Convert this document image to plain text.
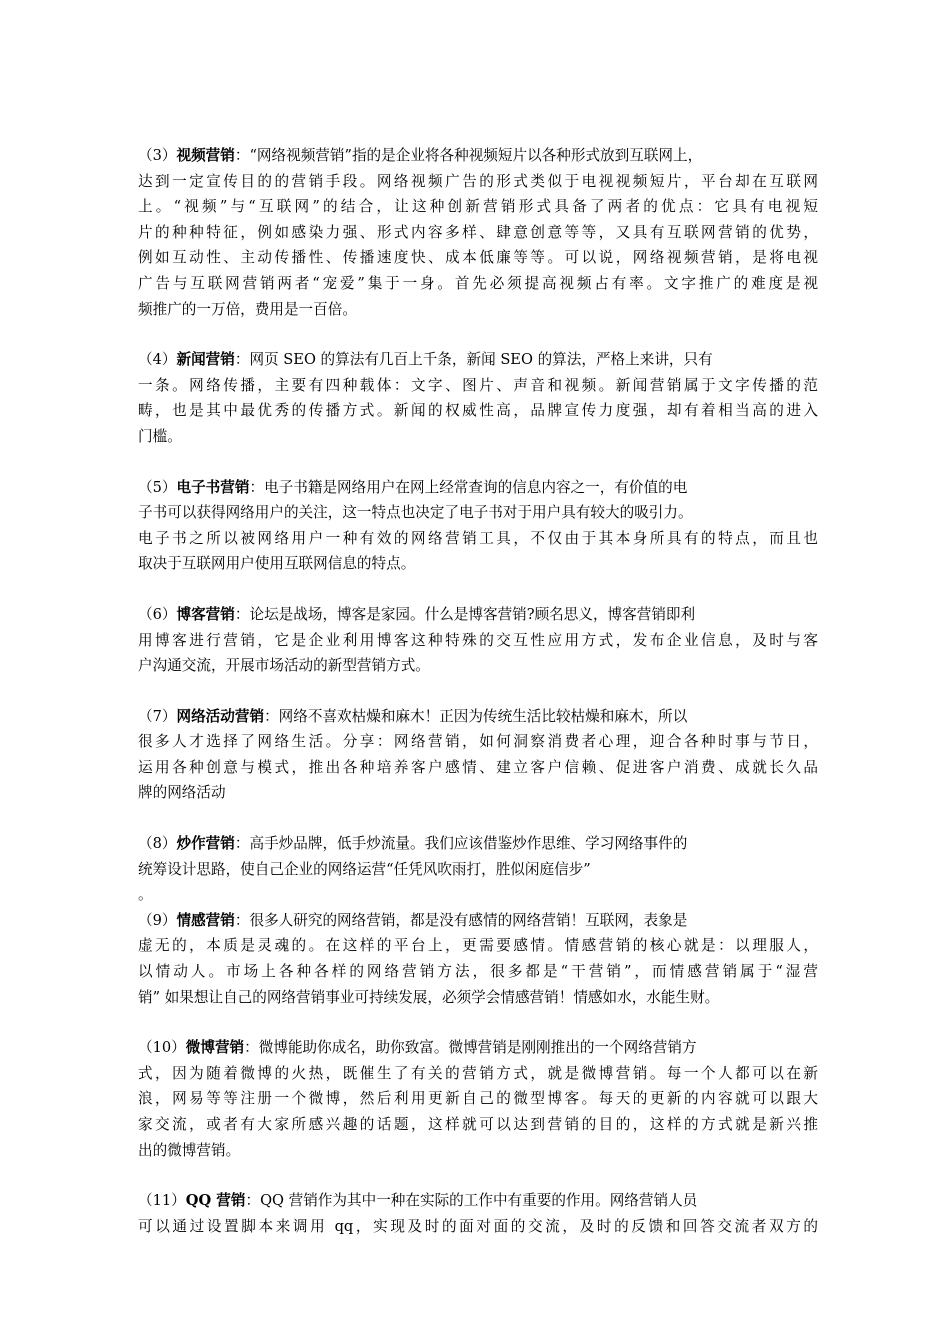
（3）视频营销：“网络视频营销”指的是企业将各种视频短片以各种形式放到互联网上，
达到一定宣传目的的营销手段。网络视频广告的形式类似于电视视频短片，平台却在互联网
上。“视频”与“互联网”的结合，让这种创新营销形式具备了两者的优点：它具有电视短
片的种种特征，例如感染力强、形式内容多样、肆意创意等等，又具有互联网营销的优势，
例如互动性、主动传播性、传播速度快、成本低廉等等。可以说，网络视频营销，是将电视
广告与互联网营销两者“宠爱”集于一身。首先必须提高视频占有率。文字推广的难度是视
频推广的一万倍，费用是一百倍。
（4）新闻营销：网页 SEO 的算法有几百上千条，新闻 SEO 的算法，严格上来讲，只有
一条。网络传播，主要有四种载体：文字、图片、声音和视频。新闻营销属于文字传播的范
畴，也是其中最优秀的传播方式。新闻的权威性高，品牌宣传力度强，却有着相当高的进入
门槛。
（5）电子书营销：电子书籍是网络用户在网上经常查询的信息内容之一，有价值的电
子书可以获得网络用户的关注，这一特点也决定了电子书对于用户具有较大的吸引力。
电子书之所以被网络用户一种有效的网络营销工具，不仅由于其本身所具有的特点，而且也
取决于互联网用户使用互联网信息的特点。
（6）博客营销：论坛是战场，博客是家园。什么是博客营销?顾名思义，博客营销即利
用博客进行营销，它是企业利用博客这种特殊的交互性应用方式，发布企业信息，及时与客
户沟通交流，开展市场活动的新型营销方式。
（7）网络活动营销：网络不喜欢枯燥和麻木！正因为传统生活比较枯燥和麻木，所以
很多人才选择了网络生活。分享：网络营销，如何洞察消费者心理，迎合各种时事与节日，
运用各种创意与模式，推出各种培养客户感情、建立客户信赖、促进客户消费、成就长久品
牌的网络活动
（8）炒作营销：高手炒品牌，低手炒流量。我们应该借鉴炒作思维、学习网络事件的
统筹设计思路，使自己企业的网络运营“任凭风吹雨打，胜似闲庭信步”
。
（9）情感营销：很多人研究的网络营销，都是没有感情的网络营销！互联网，表象是
虚无的，本质是灵魂的。在这样的平台上，更需要感情。情感营销的核心就是：以理服人，
以情动人。市场上各种各样的网络营销方法，很多都是“干营销”，而情感营销属于“湿营
销” 如果想让自己的网络营销事业可持续发展，必须学会情感营销！情感如水，水能生财。
（10）微博营销：微博能助你成名，助你致富。微博营销是刚刚推出的一个网络营销方
式，因为随着微博的火热，既催生了有关的营销方式，就是微博营销。每一个人都可以在新
浪，网易等等注册一个微博，然后利用更新自己的微型博客。每天的更新的内容就可以跟大
家交流，或者有大家所感兴趣的话题，这样就可以达到营销的目的，这样的方式就是新兴推
出的微博营销。
（11）QQ 营销：QQ 营销作为其中一种在实际的工作中有重要的作用。网络营销人员
可以通过设置脚本来调用 qq，实现及时的面对面的交流，及时的反馈和回答交流者双方的
